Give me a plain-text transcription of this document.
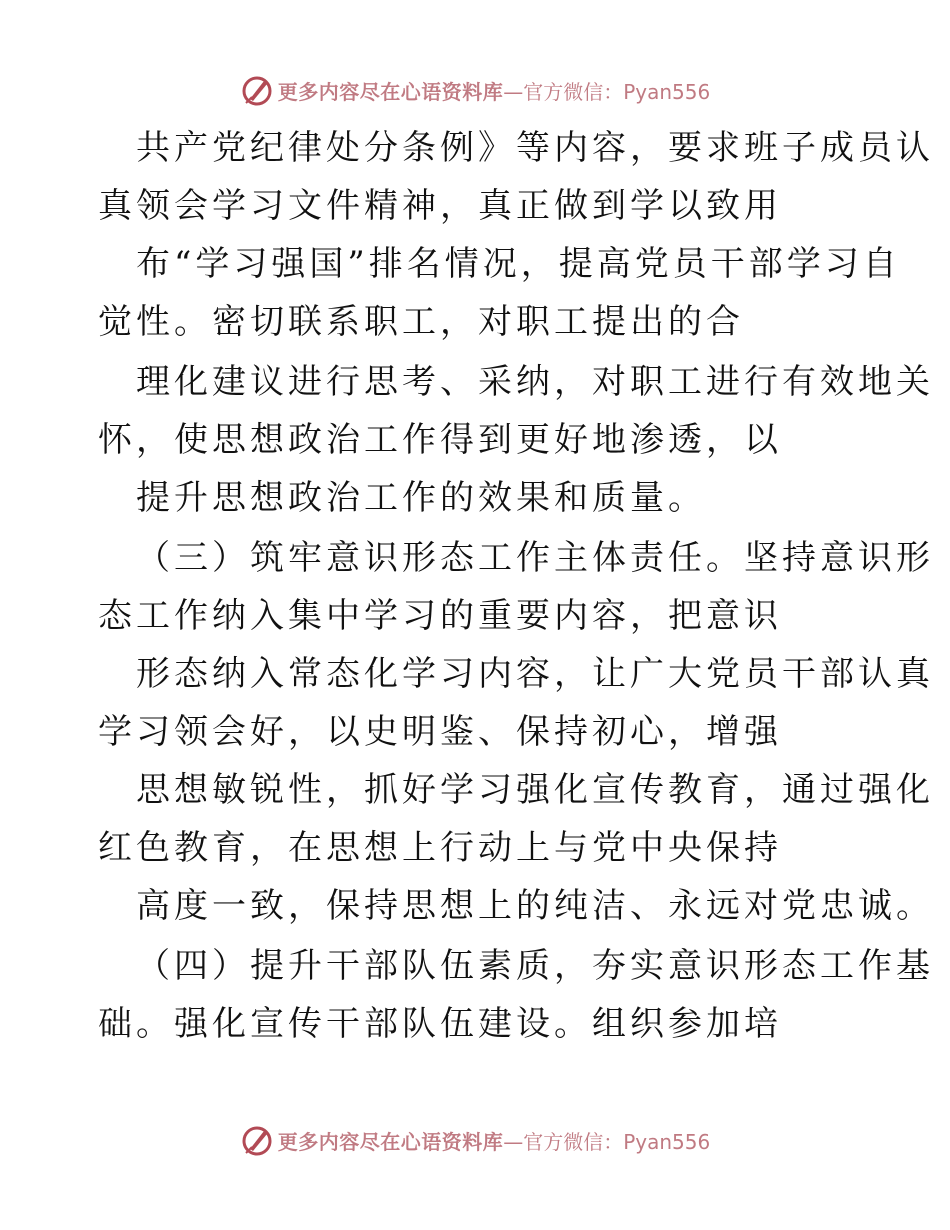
更多内容尽在心语资料库 —官方微信：Pyan556
共产党纪律处分条例》等内容，要求班子成员认
真领会学习文件精神，真正做到学以致用
布“学习强国”排名情况，提高党员干部学习自
觉性。密切联系职工，对职工提出的合
理化建议进行思考、采纳，对职工进行有效地关
怀，使思想政治工作得到更好地渗透，以
提升思想政治工作的效果和质量。
（三）筑牢意识形态工作主体责任。坚持意识形
态工作纳入集中学习的重要内容，把意识
形态纳入常态化学习内容，让广大党员干部认真
学习领会好，以史明鉴、保持初心，增强
思想敏锐性，抓好学习强化宣传教育，通过强化
红色教育，在思想上行动上与党中央保持
高度一致，保持思想上的纯洁、永远对党忠诚。
（四）提升干部队伍素质，夯实意识形态工作基
础。强化宣传干部队伍建设。组织参加培
更多内容尽在心语资料库 —官方微信：Pyan556
